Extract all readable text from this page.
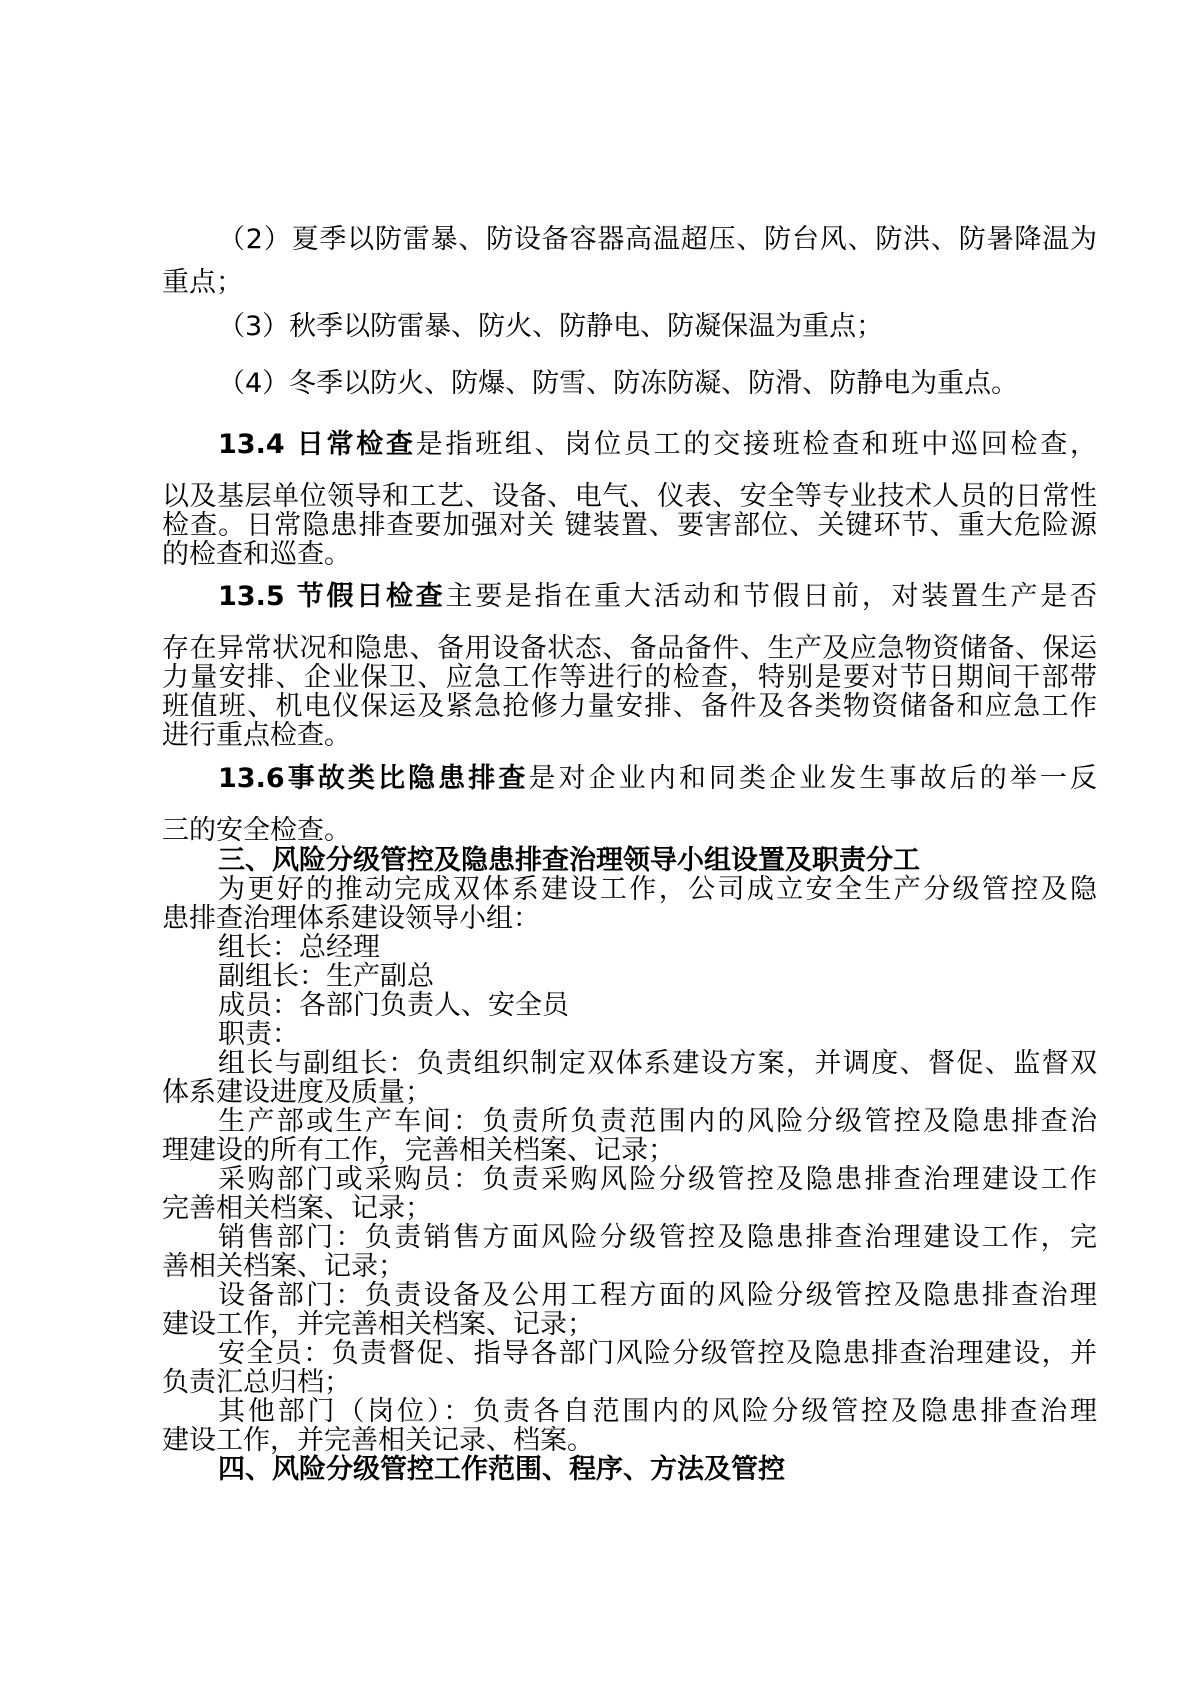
（2）夏季以防雷暴、防设备容器高温超压、防台风、防洪、防暑降温为
重点；
（3）秋季以防雷暴、防火、防静电、防凝保温为重点；
（4）冬季以防火、防爆、防雪、防冻防凝、防滑、防静电为重点。
13.4 日常检查是指班组、岗位员工的交接班检查和班中巡回检查，
以及基层单位领导和工艺、设备、电气、仪表、安全等专业技术人员的日常性
检查。日常隐患排查要加强对关 键装置、要害部位、关键环节、重大危险源
的检查和巡查。
13.5 节假日检查主要是指在重大活动和节假日前，对装置生产是否
存在异常状况和隐患、备用设备状态、备品备件、生产及应急物资储备、保运
力量安排、企业保卫、应急工作等进行的检查，特别是要对节日期间干部带
班值班、机电仪保运及紧急抢修力量安排、备件及各类物资储备和应急工作
进行重点检查。
13.6事故类比隐患排查是对企业内和同类企业发生事故后的举一反
三的安全检查。
三、风险分级管控及隐患排查治理领导小组设置及职责分工
为更好的推动完成双体系建设工作，公司成立安全生产分级管控及隐
患排查治理体系建设领导小组：
组长：总经理
副组长：生产副总
成员：各部门负责人、安全员
职责：
组长与副组长：负责组织制定双体系建设方案，并调度、督促、监督双
体系建设进度及质量；
生产部或生产车间：负责所负责范围内的风险分级管控及隐患排查治
理建设的所有工作，完善相关档案、记录；
采购部门或采购员：负责采购风险分级管控及隐患排查治理建设工作
完善相关档案、记录；
销售部门：负责销售方面风险分级管控及隐患排查治理建设工作，完
善相关档案、记录；
设备部门：负责设备及公用工程方面的风险分级管控及隐患排查治理
建设工作，并完善相关档案、记录；
安全员：负责督促、指导各部门风险分级管控及隐患排查治理建设，并
负责汇总归档；
其他部门（岗位）：负责各自范围内的风险分级管控及隐患排查治理
建设工作，并完善相关记录、档案。
四、风险分级管控工作范围、程序、方法及管控
